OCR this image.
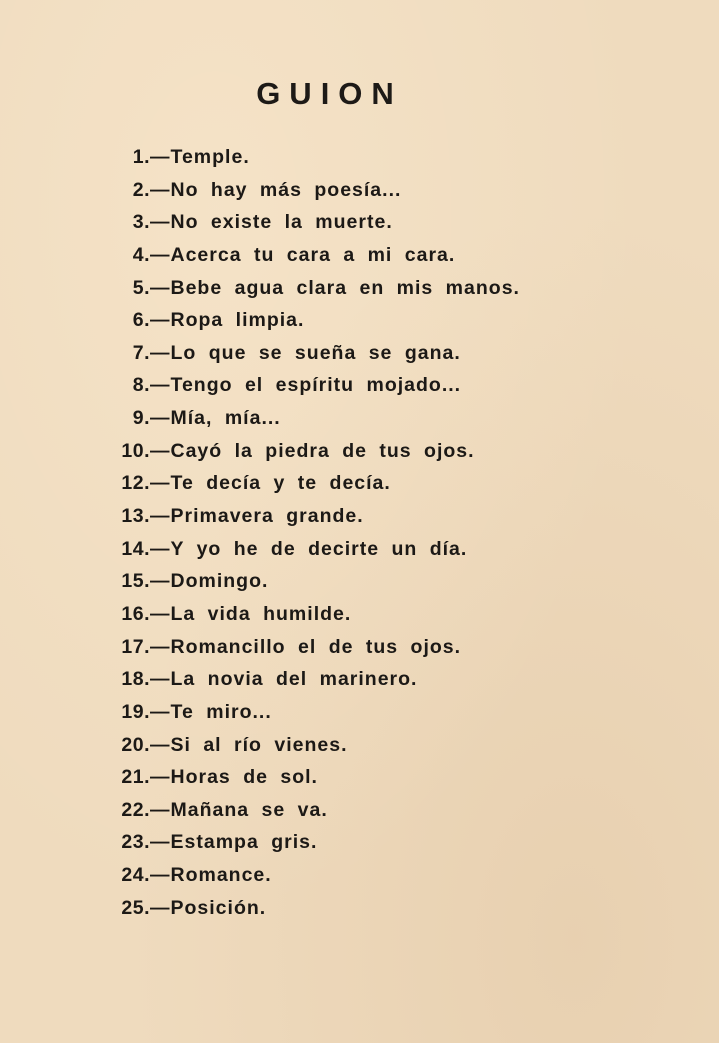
GUION
1. —Temple.
2. —No hay más poesía...
3. —No existe la muerte.
4. —Acerca tu cara a mi cara.
5. —Bebe agua clara en mis manos.
6. —Ropa limpia.
7. —Lo que se sueña se gana.
8. —Tengo el espíritu mojado...
9. —Mía, mía...
10. —Cayó la piedra de tus ojos.
12. —Te decía y te decía.
13. —Primavera grande.
14. —Y yo he de decirte un día.
15. —Domingo.
16. —La vida humilde.
17. —Romancillo el de tus ojos.
18. —La novia del marinero.
19. —Te miro...
20. —Si al río vienes.
21. —Horas de sol.
22. —Mañana se va.
23. —Estampa gris.
24. —Romance.
25. —Posición.
